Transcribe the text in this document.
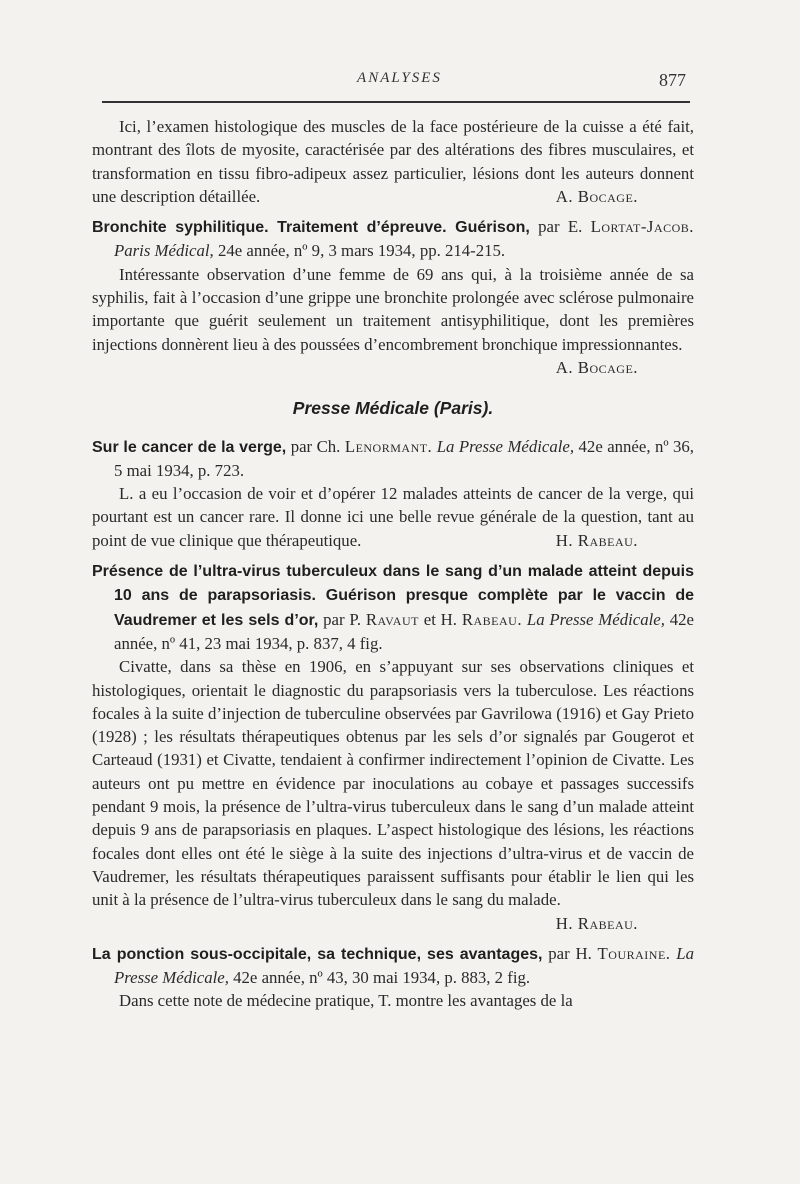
ANALYSES	877

Ici, l’examen histologique des muscles de la face postérieure de la cuisse a été fait, montrant des îlots de myosite, caractérisée par des altérations des fibres musculaires, et transformation en tissu fibro-adipeux assez particulier, lésions dont les auteurs donnent une description détaillée.	A. Bocage.

Bronchite syphilitique. Traitement d’épreuve. Guérison, par E. Lortat-Jacob. Paris Médical, 24e année, nº 9, 3 mars 1934, pp. 214-215.

Intéressante observation d’une femme de 69 ans qui, à la troisième année de sa syphilis, fait à l’occasion d’une grippe une bronchite prolongée avec sclérose pulmonaire importante que guérit seulement un traitement antisyphilitique, dont les premières injections donnèrent lieu à des poussées d’encombrement bronchique impressionnantes.

A. Bocage.

Presse Médicale (Paris).

Sur le cancer de la verge, par Ch. Lenormant. La Presse Médicale, 42e année, nº 36, 5 mai 1934, p. 723.

L. a eu l’occasion de voir et d’opérer 12 malades atteints de cancer de la verge, qui pourtant est un cancer rare. Il donne ici une belle revue générale de la question, tant au point de vue clinique que thérapeutique.	H. Rabeau.

Présence de l’ultra-virus tuberculeux dans le sang d’un malade atteint depuis 10 ans de parapsoriasis. Guérison presque complète par le vaccin de Vaudremer et les sels d’or, par P. Ravaut et H. Rabeau. La Presse Médicale, 42e année, nº 41, 23 mai 1934, p. 837, 4 fig.

Civatte, dans sa thèse en 1906, en s’appuyant sur ses observations cliniques et histologiques, orientait le diagnostic du parapsoriasis vers la tuberculose. Les réactions focales à la suite d’injection de tuberculine observées par Gavrilowa (1916) et Gay Prieto (1928) ; les résultats thérapeutiques obtenus par les sels d’or signalés par Gougerot et Carteaud (1931) et Civatte, tendaient à confirmer indirectement l’opinion de Civatte. Les auteurs ont pu mettre en évidence par inoculations au cobaye et passages successifs pendant 9 mois, la présence de l’ultra-virus tuberculeux dans le sang d’un malade atteint depuis 9 ans de parapsoriasis en plaques. L’aspect histologique des lésions, les réactions focales dont elles ont été le siège à la suite des injections d’ultra-virus et de vaccin de Vaudremer, les résultats thérapeutiques paraissent suffisants pour établir le lien qui les unit à la présence de l’ultra-virus tuberculeux dans le sang du malade.
H. Rabeau.

La ponction sous-occipitale, sa technique, ses avantages, par H. Touraine. La Presse Médicale, 42e année, nº 43, 30 mai 1934, p. 883, 2 fig.

Dans cette note de médecine pratique, T. montre les avantages de la
